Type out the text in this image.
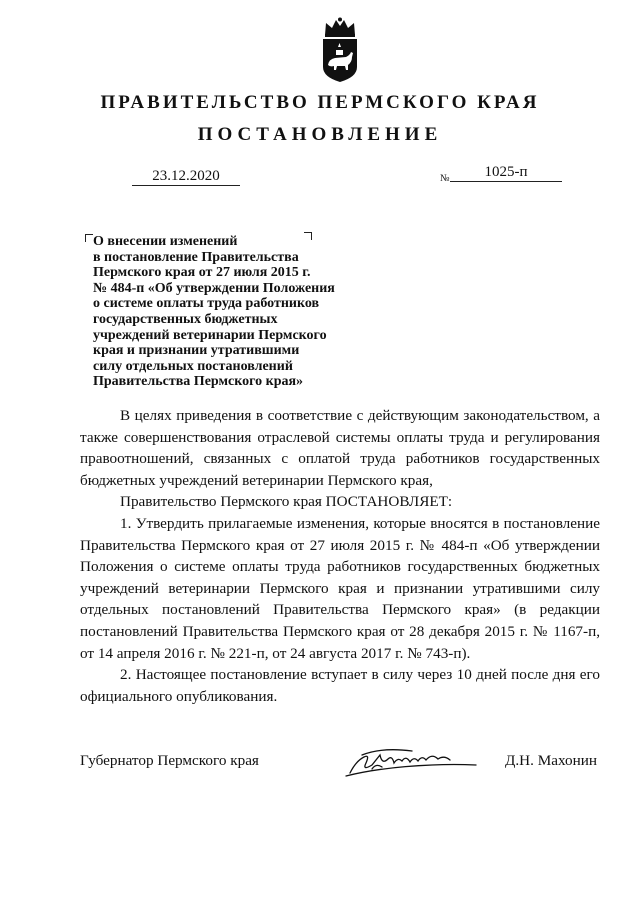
ПРАВИТЕЛЬСТВО ПЕРМСКОГО КРАЯ
ПОСТАНОВЛЕНИЕ
23.12.2020	№	1025-п
О внесении изменений
в постановление Правительства
Пермского края от 27 июля 2015 г.
№ 484-п «Об утверждении Положения
о системе оплаты труда работников
государственных бюджетных
учреждений ветеринарии Пермского
края и признании утратившими
силу отдельных постановлений
Правительства Пермского края»

В целях приведения в соответствие с действующим законодательством, а также совершенствования отраслевой системы оплаты труда и регулирования правоотношений, связанных с оплатой труда работников государственных бюджетных учреждений ветеринарии Пермского края,

Правительство Пермского края ПОСТАНОВЛЯЕТ:

1. Утвердить прилагаемые изменения, которые вносятся в постановление Правительства Пермского края от 27 июля 2015 г. № 484-п «Об утверждении Положения о системе оплаты труда работников государственных бюджетных учреждений ветеринарии Пермского края и признании утратившими силу отдельных постановлений Правительства Пермского края» (в редакции постановлений Правительства Пермского края от 28 декабря 2015 г. № 1167-п, от 14 апреля 2016 г. № 221-п, от 24 августа 2017 г. № 743-п).

2. Настоящее постановление вступает в силу через 10 дней после дня его официального опубликования.

Губернатор Пермского края	Д.Н. Махонин
